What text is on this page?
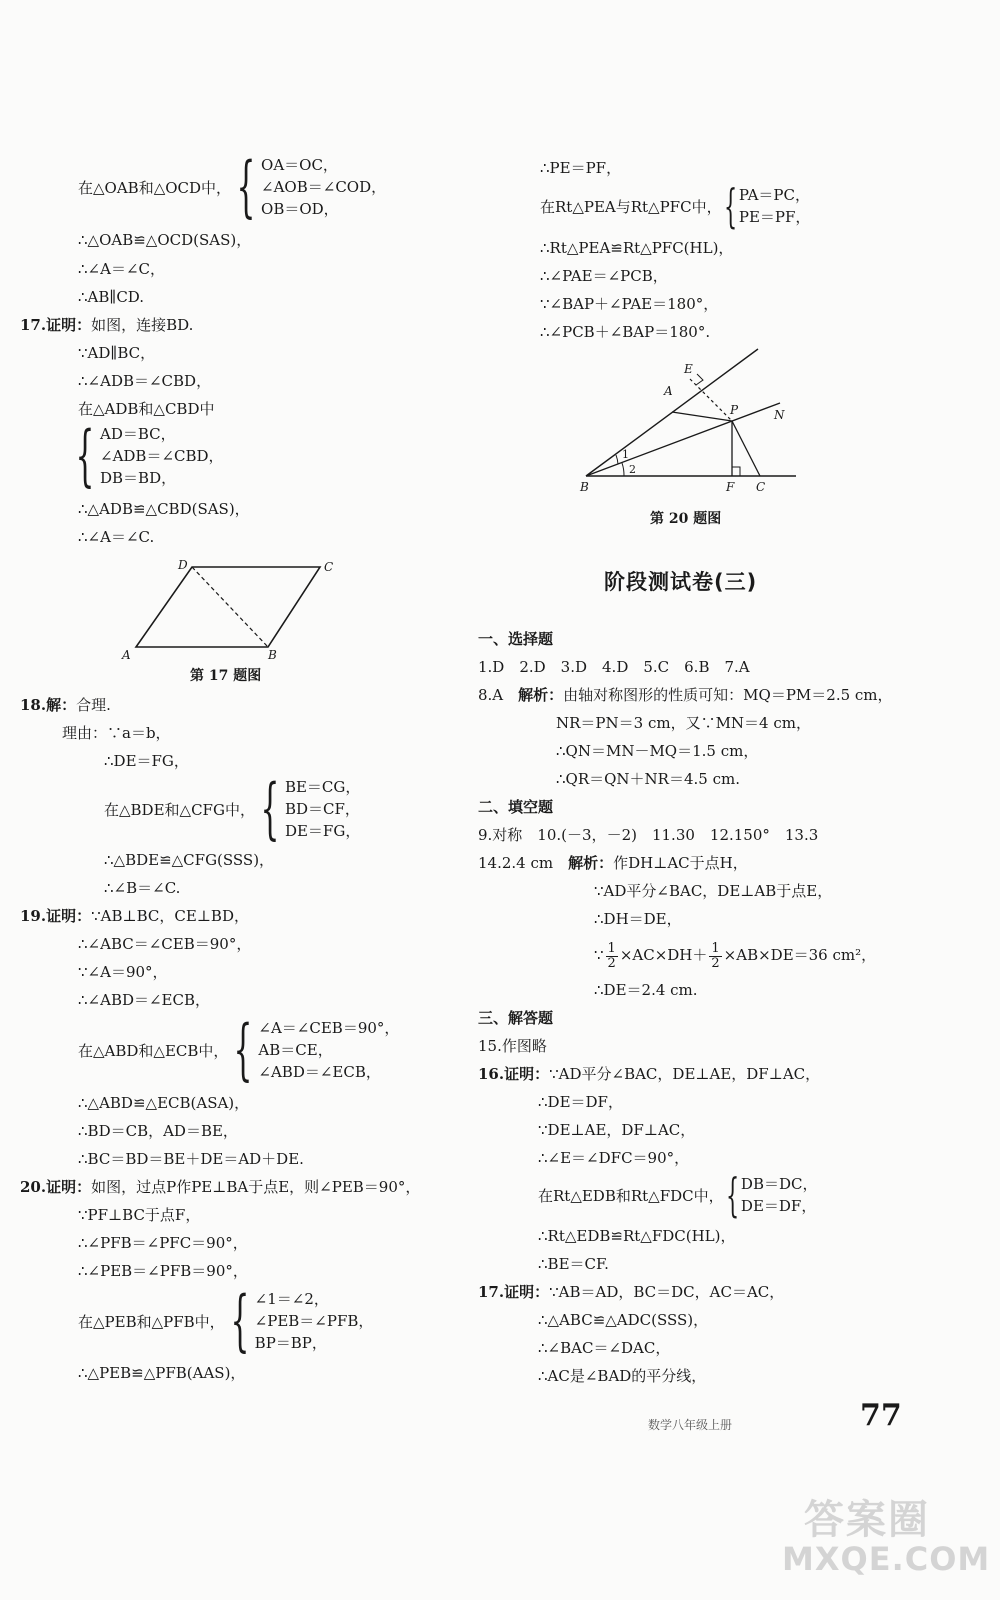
在△OAB和△OCD中， { OA＝OC，
∠AOB＝∠COD，
OB＝OD，
∴△OAB≌△OCD(SAS)，
∴∠A＝∠C，
∴AB∥CD.
17.证明：如图，连接BD.
∵AD∥BC，
∴∠ADB＝∠CBD，
在△ADB和△CBD中
{ AD＝BC，
∠ADB＝∠CBD，
DB＝BD，
∴△ADB≌△CBD(SAS)，
∴∠A＝∠C.
D	C
A	B
第 17 题图
18.解：合理.
理由：∵a＝b，
∴DE＝FG，
在△BDE和△CFG中， { BE＝CG，
BD＝CF，
DE＝FG，
∴△BDE≌△CFG(SSS)，
∴∠B＝∠C.
19.证明：∵AB⊥BC，CE⊥BD，
∴∠ABC＝∠CEB＝90°，
∵∠A＝90°，
∴∠ABD＝∠ECB，
在△ABD和△ECB中， { ∠A＝∠CEB＝90°，
AB＝CE，
∠ABD＝∠ECB，
∴△ABD≌△ECB(ASA)，
∴BD＝CB，AD＝BE，
∴BC＝BD＝BE＋DE＝AD＋DE.
20.证明：如图，过点P作PE⊥BA于点E，则∠PEB＝90°，
∵PF⊥BC于点F，
∴∠PFB＝∠PFC＝90°，
∴∠PEB＝∠PFB＝90°，
在△PEB和△PFB中， { ∠1＝∠2，
∠PEB＝∠PFB，
BP＝BP，
∴△PEB≌△PFB(AAS)，
∴PE＝PF，
在Rt△PEA与Rt△PFC中， { PA＝PC，
PE＝PF，
∴Rt△PEA≌Rt△PFC(HL)，
∴∠PAE＝∠PCB，
∵∠BAP＋∠PAE＝180°，
∴∠PCB＋∠BAP＝180°.
A
E
P	N
B	F C
1
2
第 20 题图
阶段测试卷(三)
一、选择题
1.D　2.D　3.D　4.D　5.C　6.B　7.A
8.A　解析：由轴对称图形的性质可知：MQ＝PM＝2.5 cm，
NR＝PN＝3 cm，又∵MN＝4 cm，
∴QN＝MN－MQ＝1.5 cm，
∴QR＝QN＋NR＝4.5 cm.
二、填空题
9.对称　10.(－3，－2)　11.30　12.150°　13.3
14.2.4 cm　解析：作DH⊥AC于点H，
∵AD平分∠BAC，DE⊥AB于点E，
∴DH＝DE，
∵ $\frac{1}{2} \times AC\times DH+ \frac{1}{2} \times AB\times DE=36$ cm²，
∴DE＝2.4 cm.
三、解答题
15.作图略
16.证明：∵AD平分∠BAC，DE⊥AE，DF⊥AC，
∴DE＝DF，
∵DE⊥AE，DF⊥AC，
∴∠E＝∠DFC＝90°，
在Rt△EDB和Rt△FDC中， { DB＝DC，
DE＝DF，
∴Rt△EDB≌Rt△FDC(HL)，
∴BE＝CF.
17.证明：∵AB＝AD，BC＝DC，AC＝AC，
∴△ABC≌△ADC(SSS)，
∴∠BAC＝∠DAC，
∴AC是∠BAD的平分线，
数学八年级上册	77
答案圈
MXQE.COM
